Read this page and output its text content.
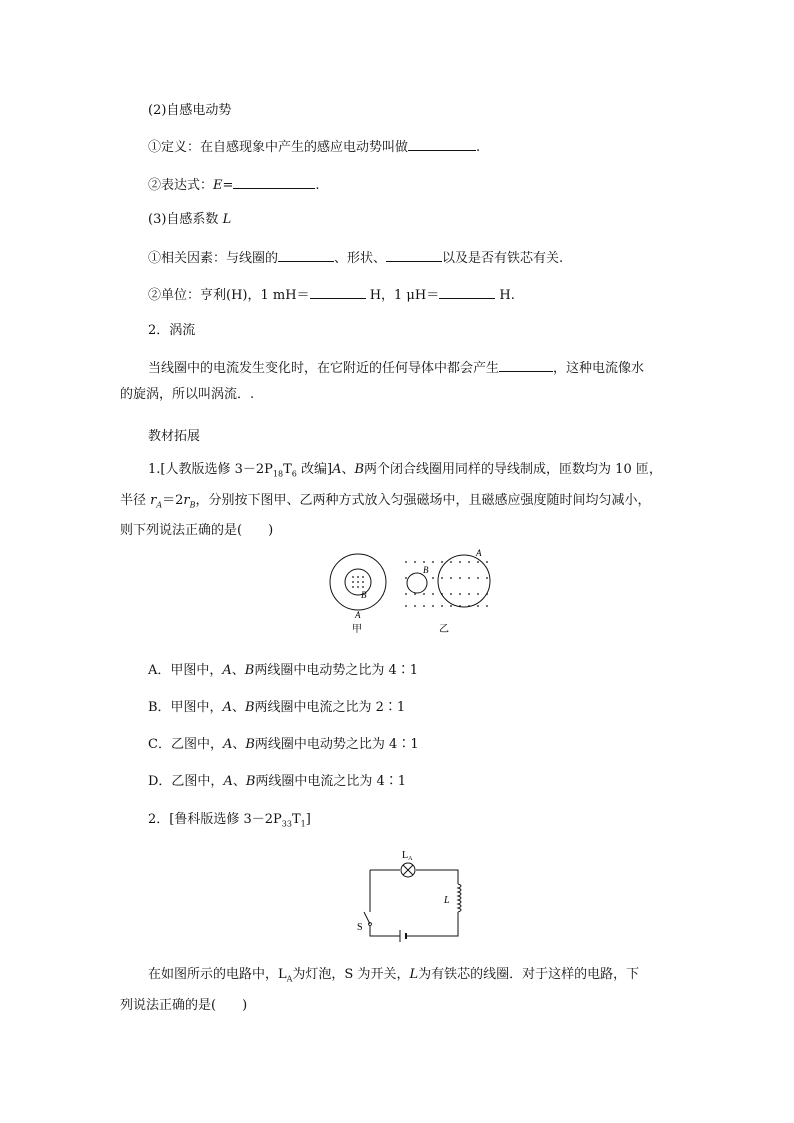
(2)自感电动势
①定义：在自感现象中产生的感应电动势叫做	.
②表达式：E=	.
(3)自感系数 L
①相关因素：与线圈的	、形状、	以及是否有铁芯有关.
②单位：亨利(H)，1 mH＝	H，1 μH＝	H.
2．涡流
当线圈中的电流发生变化时，在它附近的任何导体中都会产生	，这种电流像水
的旋涡，所以叫涡流．.
教材拓展
1.[人教版选修 $3-2P_{18}T_6$ 改编]A、B两个闭合线圈用同样的导线制成，匝数均为 10 匝，
半径 $r_A=2r_B$，分别按下图甲、乙两种方式放入匀强磁场中，且磁感应强度随时间均匀减小，
则下列说法正确的是(　　)
B
A
甲
B
A
乙
A．甲图中，A、B两线圈中电动势之比为 4∶1
B．甲图中，A、B两线圈中电流之比为 2∶1
C．乙图中，A、B两线圈中电动势之比为 4∶1
D．乙图中，A、B两线圈中电流之比为 4∶1
2．[鲁科版选修 $3-2P_{33}T_1$]
$L_A$
L
S
在如图所示的电路中，$L_A$为灯泡，S 为开关，L为有铁芯的线圈．对于这样的电路，下
列说法正确的是(　　)
